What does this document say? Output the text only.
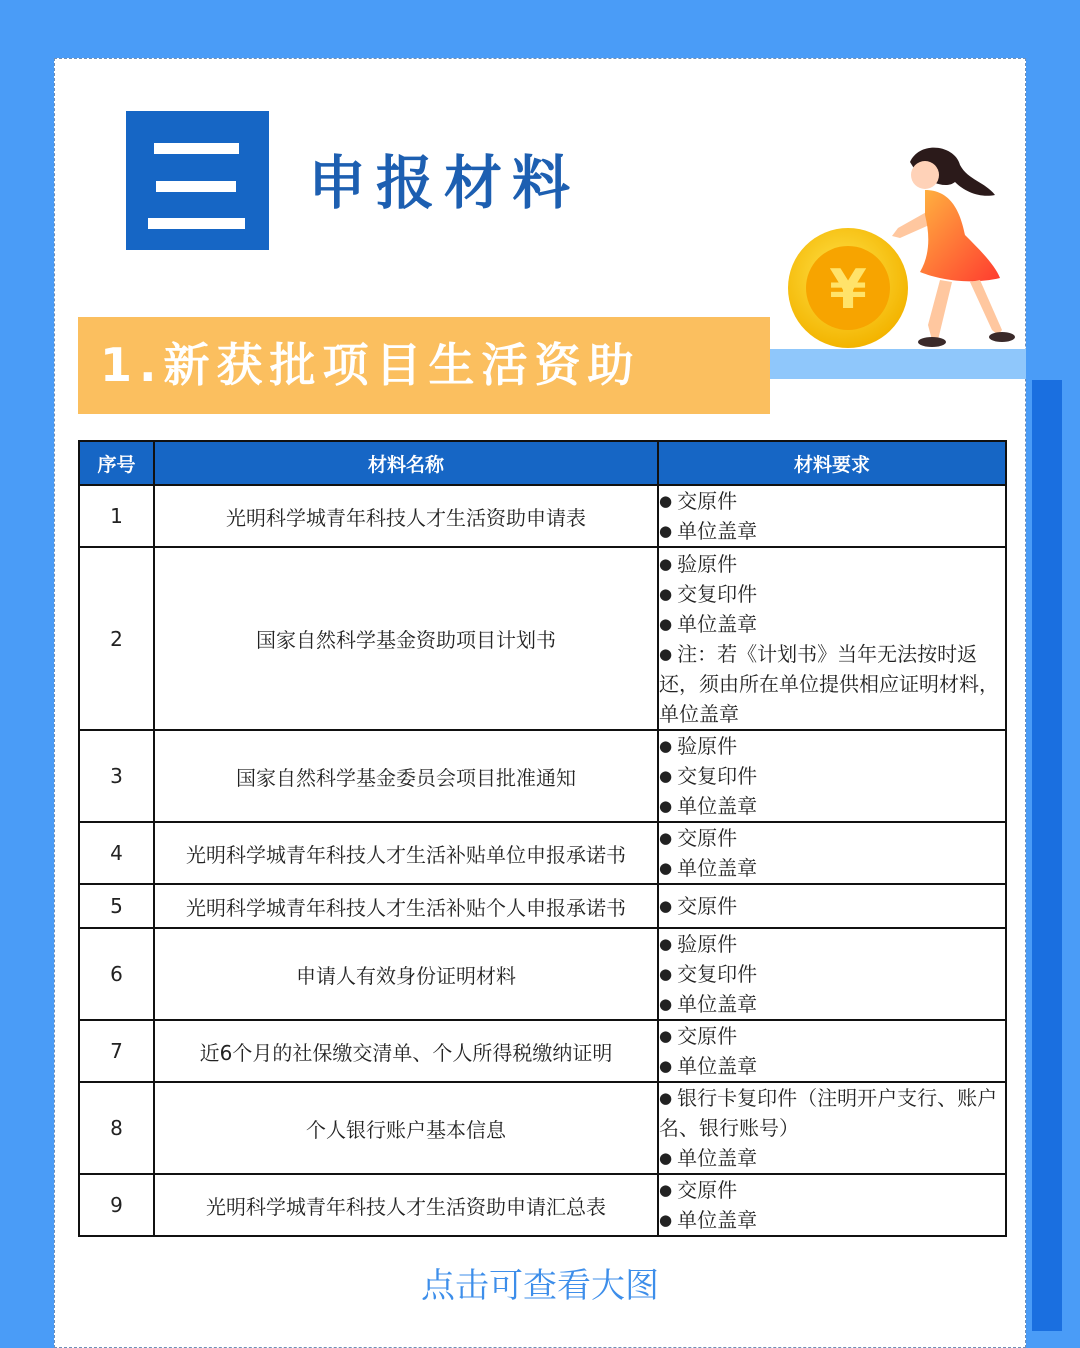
申报材料
1.新获批项目生活资助
¥
序号	材料名称	材料要求
1	光明科学城青年科技人才生活资助申请表	● 交原件
● 单位盖章

2	国家自然科学基金资助项目计划书	● 验原件
● 交复印件
● 单位盖章
● 注：若《计划书》当年无法按时返还，须由所在单位提供相应证明材料，单位盖章

3	国家自然科学基金委员会项目批准通知	● 验原件
● 交复印件
● 单位盖章

4	光明科学城青年科技人才生活补贴单位申报承诺书	● 交原件
● 单位盖章

5	光明科学城青年科技人才生活补贴个人申报承诺书	● 交原件

6	申请人有效身份证明材料	● 验原件
● 交复印件
● 单位盖章

7	近6个月的社保缴交清单、个人所得税缴纳证明	● 交原件
● 单位盖章

8	个人银行账户基本信息	● 银行卡复印件（注明开户支行、账户名、银行账号）
● 单位盖章

9	光明科学城青年科技人才生活资助申请汇总表	● 交原件
● 单位盖章
点击可查看大图
